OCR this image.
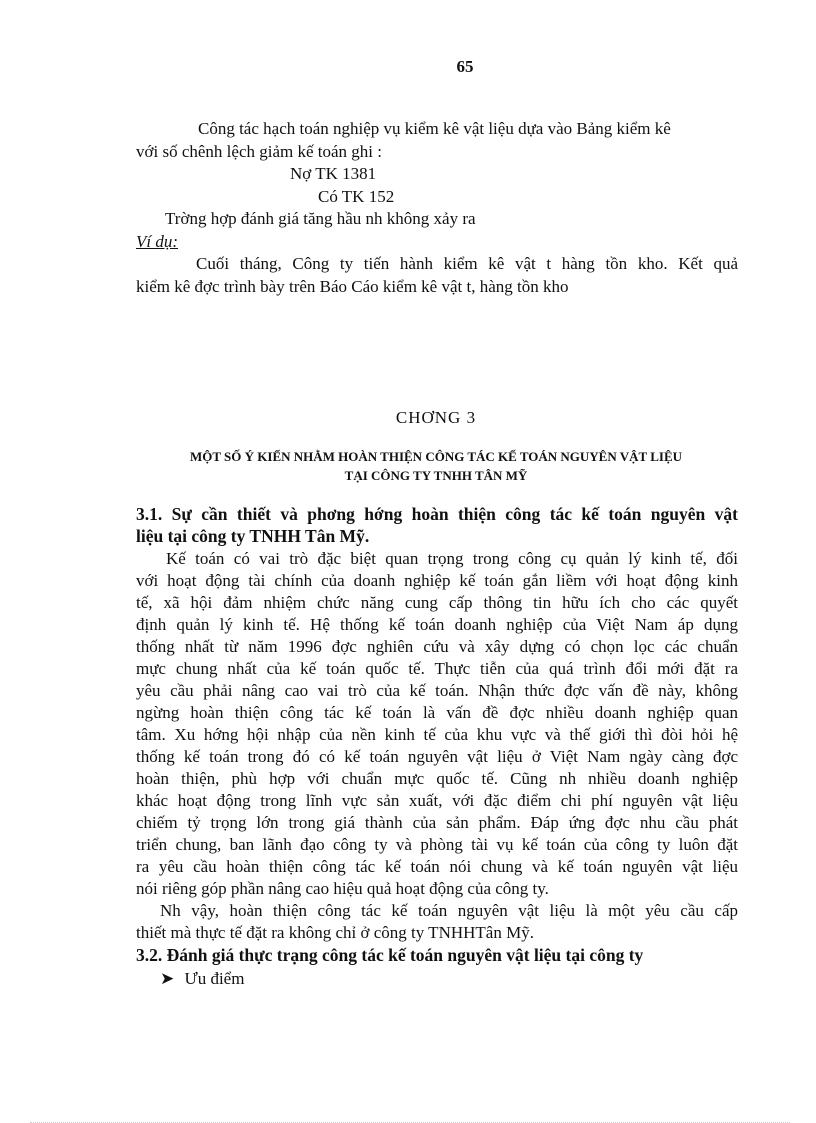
65
Công tác hạch toán nghiệp vụ kiểm kê vật liệu dựa vào Bảng kiểm kê
với số chênh lệch giảm kế toán ghi :
Nợ TK 1381
Có TK 152
Trờng hợp đánh giá tăng hầu nh không xảy ra
Ví dụ:
Cuối tháng, Công ty tiến hành kiểm kê vật t hàng tồn kho. Kết quả
kiểm kê đợc trình bày trên Báo Cáo kiểm kê vật t, hàng tồn kho
CHƠNG 3
MỘT SỐ Ý KIẾN NHẰM HOÀN THIỆN CÔNG TÁC KẾ TOÁN NGUYÊN VẬT LIỆU
TẠI CÔNG TY TNHH TÂN MỸ
3.1. Sự cần thiết và phơng hớng hoàn thiện công tác kế toán nguyên vật
liệu tại công ty TNHH Tân Mỹ.
Kế toán có vai trò đặc biệt quan trọng trong công cụ quản lý kinh tế, đối
với hoạt động tài chính của doanh nghiệp kế toán gắn liềm với hoạt động kinh
tế, xã hội đảm nhiệm chức năng cung cấp thông tin hữu ích cho các quyết
định quản lý kinh tế. Hệ thống kế toán doanh nghiệp của Việt Nam áp dụng
thống nhất từ năm 1996 đợc nghiên cứu và xây dựng có chọn lọc các chuẩn
mực chung nhất của kế toán quốc tế. Thực tiễn của quá trình đổi mới đặt ra
yêu cầu phải nâng cao vai trò của kế toán. Nhận thức đợc vấn đề này, không
ngừng hoàn thiện công tác kế toán là vấn đề đợc nhiều doanh nghiệp quan
tâm. Xu hớng hội nhập của nền kinh tế của khu vực và thế giới thì đòi hỏi hệ
thống kế toán trong đó có kế toán nguyên vật liệu ở Việt Nam ngày càng đợc
hoàn thiện, phù hợp với chuẩn mực quốc tế. Cũng nh nhiều doanh nghiệp
khác hoạt động trong lĩnh vực sản xuất, với đặc điểm chi phí nguyên vật liệu
chiếm tỷ trọng lớn trong giá thành của sản phẩm. Đáp ứng đợc nhu cầu phát
triển chung, ban lãnh đạo công ty và phòng tài vụ kế toán của công ty luôn đặt
ra yêu cầu hoàn thiện công tác kế toán nói chung và kế toán nguyên vật liệu
nói riêng góp phần nâng cao hiệu quả hoạt động của công ty.
Nh vậy, hoàn thiện công tác kế toán nguyên vật liệu là một yêu cầu cấp
thiết mà thực tế đặt ra không chỉ ở công ty TNHHTân Mỹ.
3.2. Đánh giá thực trạng công tác kế toán nguyên vật liệu tại công ty
➤ Ưu điểm
